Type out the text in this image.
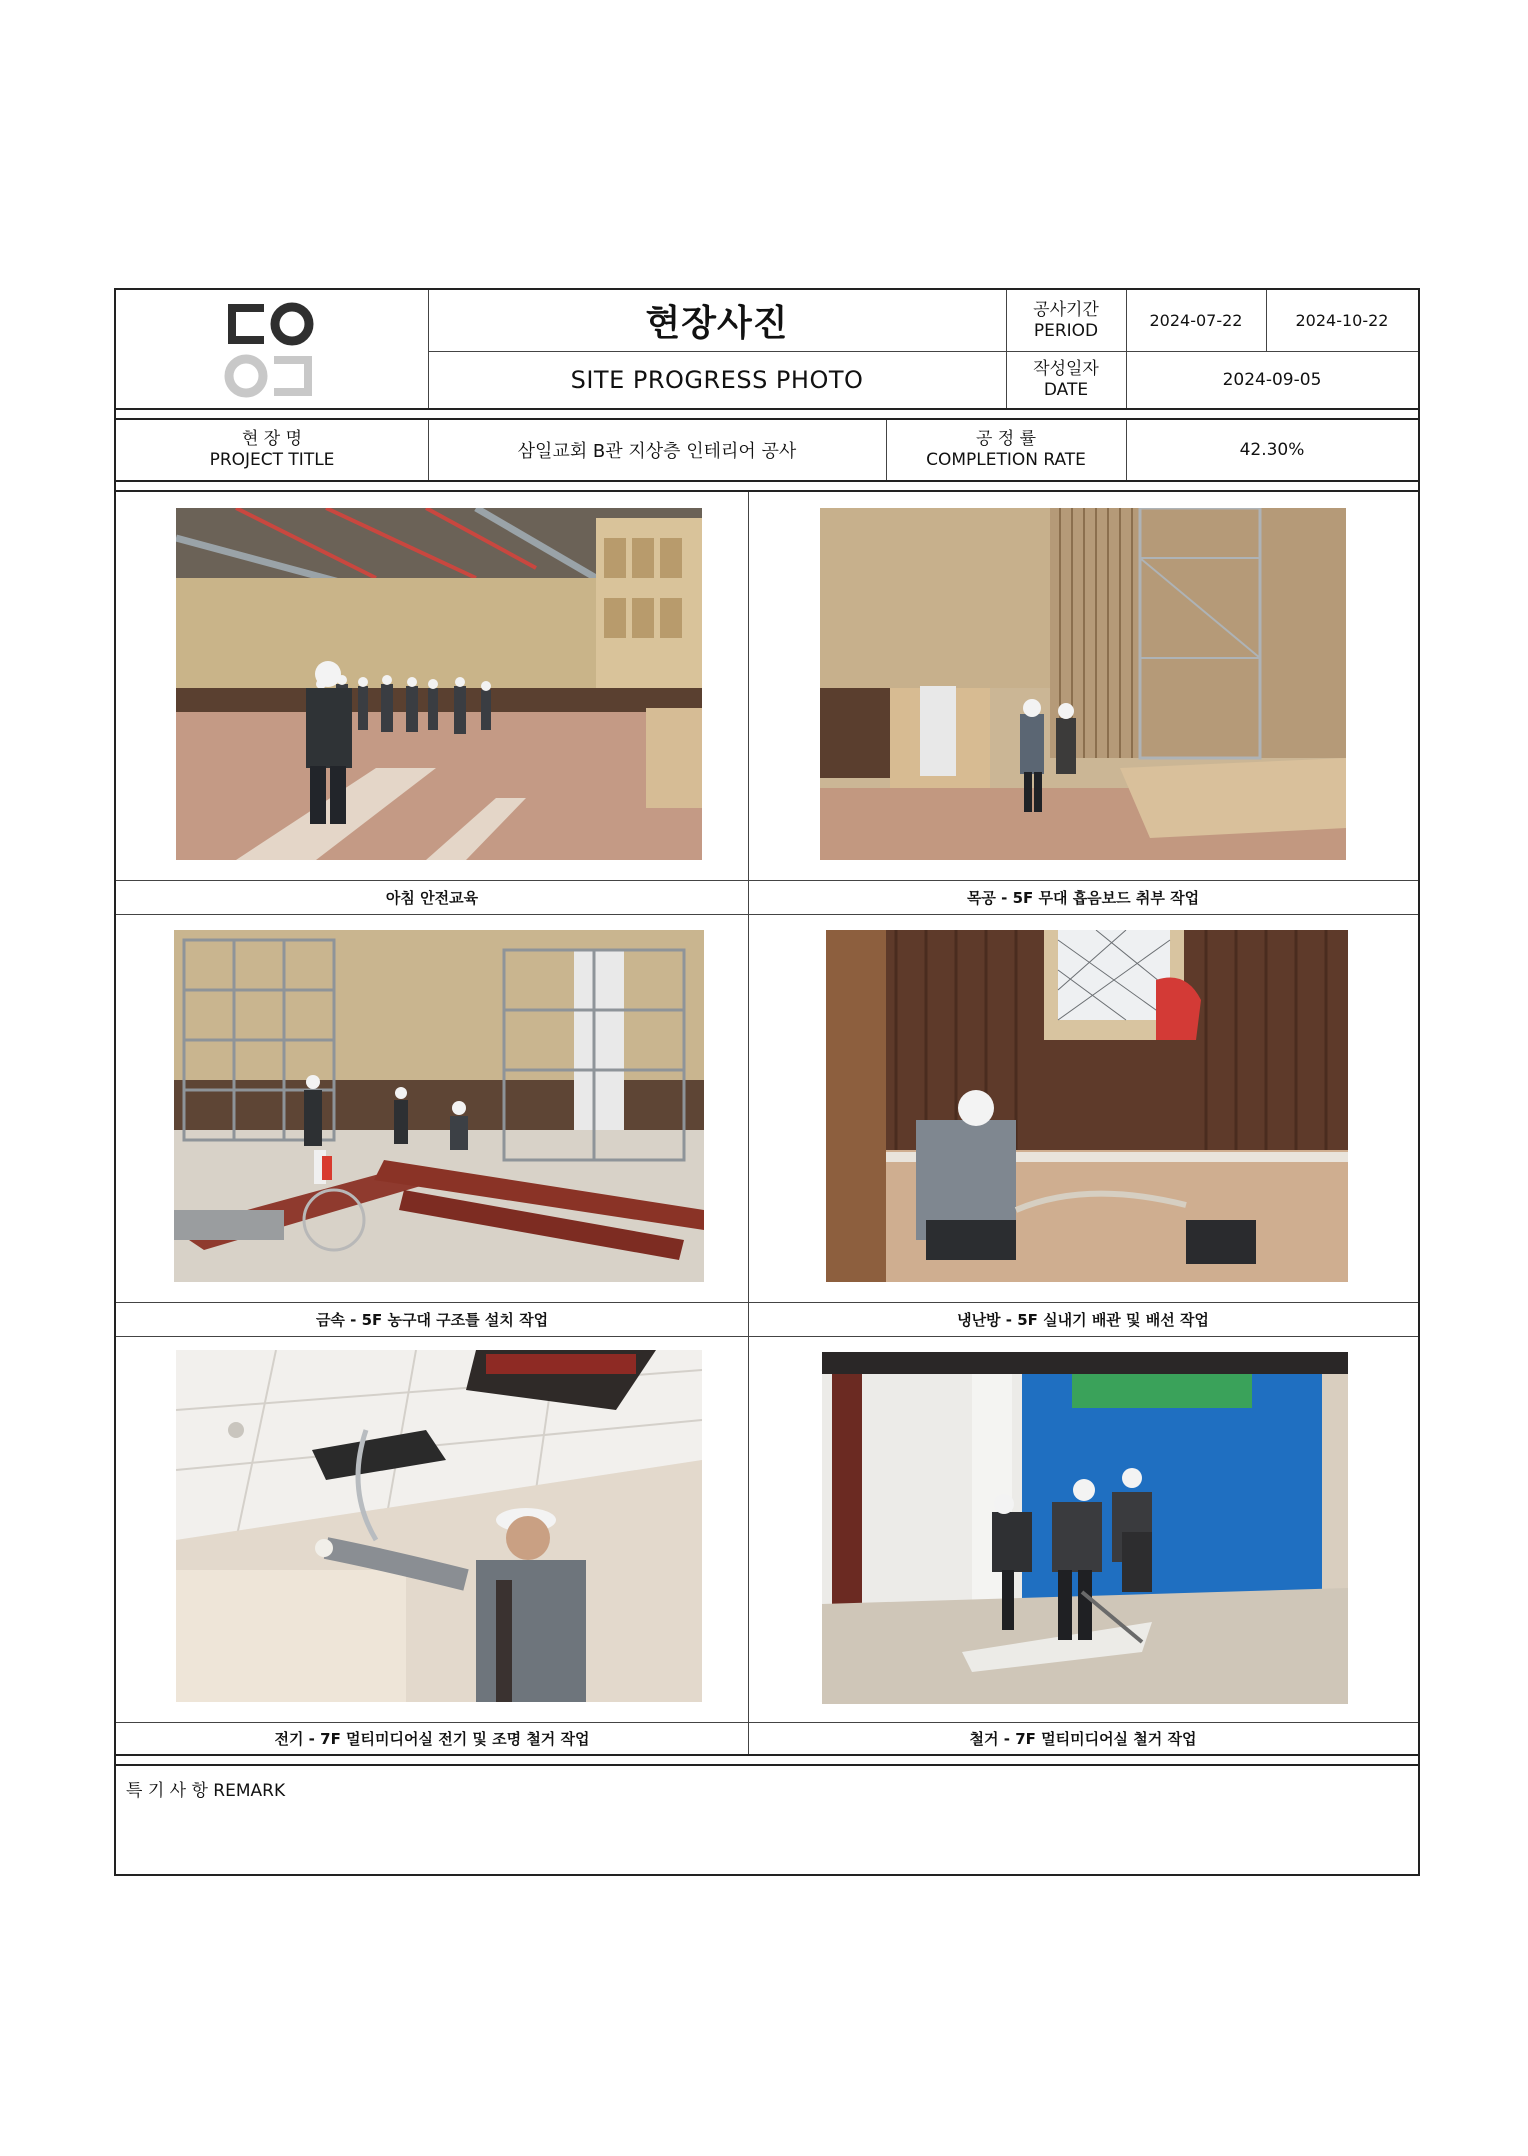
현장사진
SITE PROGRESS PHOTO
공사기간
PERIOD	2024-07-22	2024-10-22
작성일자
DATE	2024-09-05
현 장 명
PROJECT TITLE	삼일교회 B관 지상층 인테리어 공사
공 정 률
COMPLETION RATE	42.30%
아침 안전교육	목공 - 5F 무대 흡음보드 취부 작업
금속 - 5F 농구대 구조틀 설치 작업	냉난방 - 5F 실내기 배관 및 배선 작업
전기 - 7F 멀티미디어실 전기 및 조명 철거 작업	철거 - 7F 멀티미디어실 철거 작업
특 기 사 항 REMARK
